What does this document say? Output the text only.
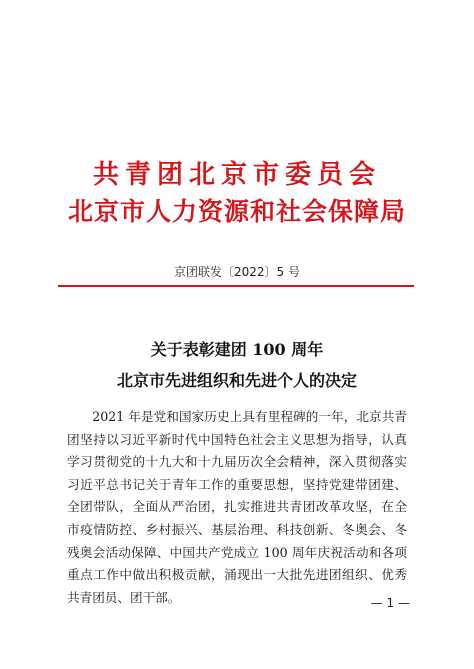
共青团北京市委员会
北京市人力资源和社会保障局
京团联发〔2022〕5 号
关于表彰建团 100 周年
北京市先进组织和先进个人的决定

2021 年是党和国家历史上具有里程碑的一年，北京共青团坚持以习近平新时代中国特色社会主义思想为指导，认真学习贯彻党的十九大和十九届历次全会精神，深入贯彻落实习近平总书记关于青年工作的重要思想，坚持党建带团建、全团带队，全面从严治团，扎实推进共青团改革攻坚，在全市疫情防控、乡村振兴、基层治理、科技创新、冬奥会、冬残奥会活动保障、中国共产党成立 100 周年庆祝活动和各项重点工作中做出积极贡献，涌现出一大批先进团组织、优秀共青团员、团干部。	— 1 —
